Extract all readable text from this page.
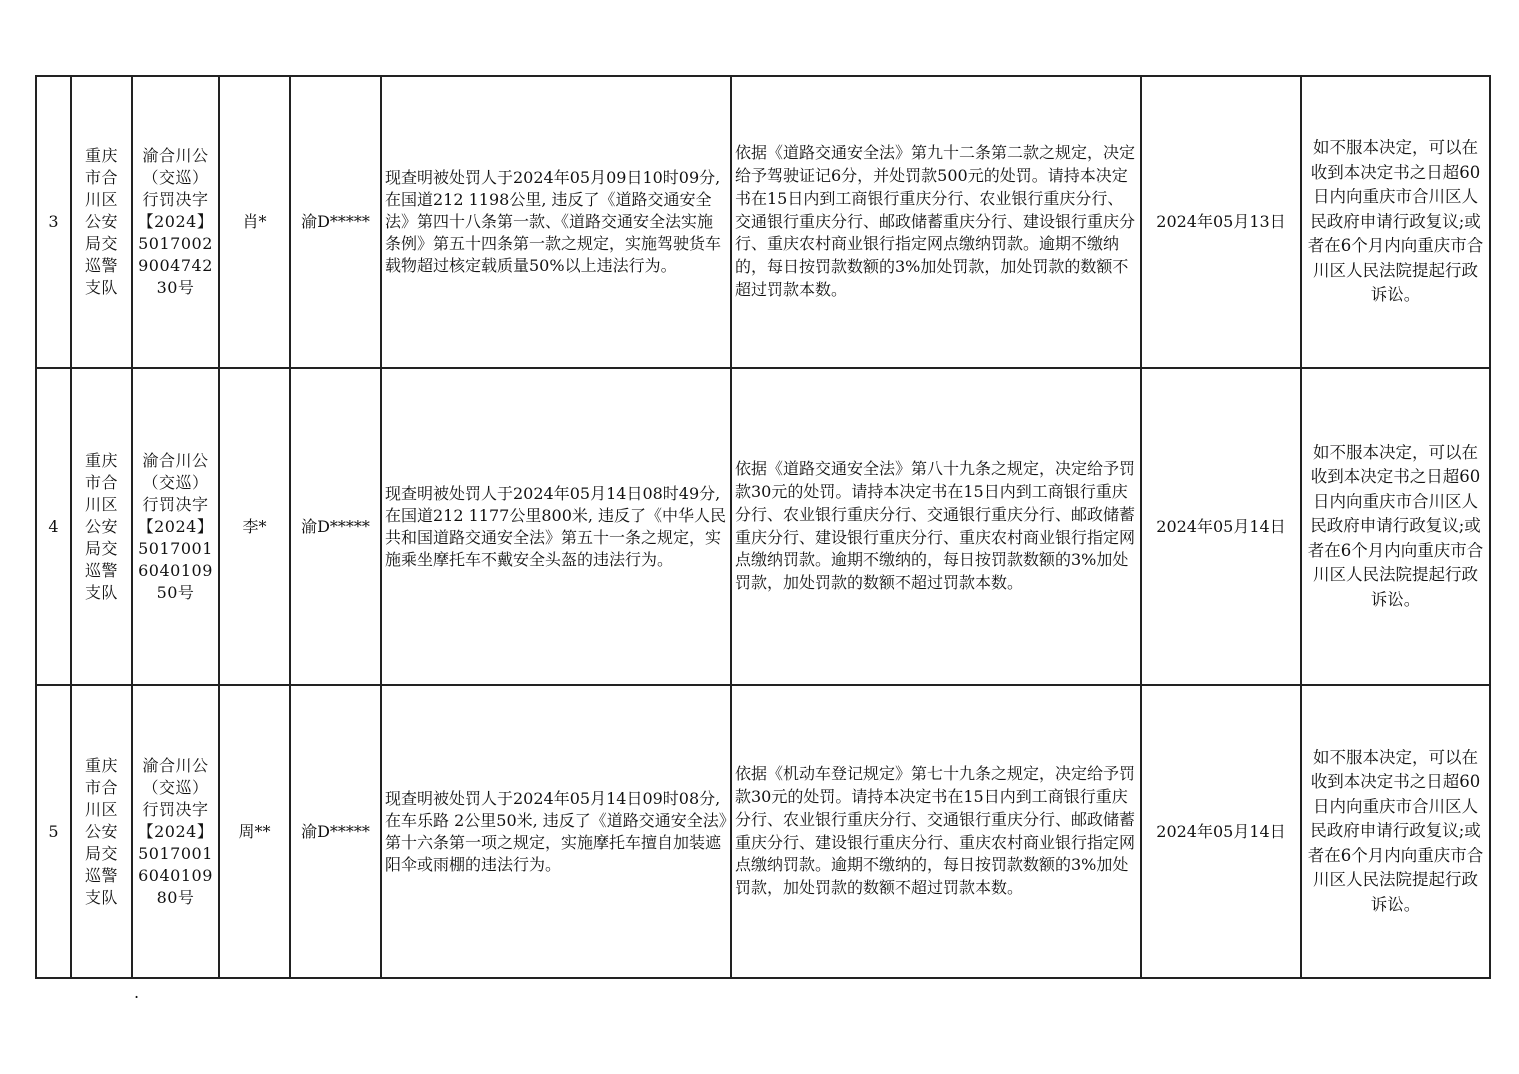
3	重庆市合川区公安局交巡警支队	渝合川公（交巡）行罚决字【2024】5017002900474230号	肖*	渝D*****	现查明被处罚人于2024年05月09日10时09分, 在国道212 1198公里, 违反了《道路交通安全法》第四十八条第一款、《道路交通安全法实施条例》第五十四条第一款之规定，实施驾驶货车载物超过核定载质量50%以上违法行为。	依据《道路交通安全法》第九十二条第二款之规定，决定给予驾驶证记6分，并处罚款500元的处罚。请持本决定书在15日内到工商银行重庆分行、农业银行重庆分行、交通银行重庆分行、邮政储蓄重庆分行、建设银行重庆分行、重庆农村商业银行指定网点缴纳罚款。逾期不缴纳的，每日按罚款数额的3%加处罚款，加处罚款的数额不超过罚款本数。	2024年05月13日	如不服本决定，可以在收到本决定书之日超60日内向重庆市合川区人民政府申请行政复议;或者在6个月内向重庆市合川区人民法院提起行政诉讼。

4	重庆市合川区公安局交巡警支队	渝合川公（交巡）行罚决字【2024】5017001604010950号	李*	渝D*****	现查明被处罚人于2024年05月14日08时49分, 在国道212 1177公里800米, 违反了《中华人民共和国道路交通安全法》第五十一条之规定，实施乘坐摩托车不戴安全头盔的违法行为。	依据《道路交通安全法》第八十九条之规定，决定给予罚款30元的处罚。请持本决定书在15日内到工商银行重庆分行、农业银行重庆分行、交通银行重庆分行、邮政储蓄重庆分行、建设银行重庆分行、重庆农村商业银行指定网点缴纳罚款。逾期不缴纳的，每日按罚款数额的3%加处罚款，加处罚款的数额不超过罚款本数。	2024年05月14日	如不服本决定，可以在收到本决定书之日超60日内向重庆市合川区人民政府申请行政复议;或者在6个月内向重庆市合川区人民法院提起行政诉讼。

5	重庆市合川区公安局交巡警支队	渝合川公（交巡）行罚决字【2024】5017001604010980号	周**	渝D*****	现查明被处罚人于2024年05月14日09时08分, 在车乐路 2公里50米, 违反了《道路交通安全法》第十六条第一项之规定，实施摩托车擅自加装遮阳伞或雨棚的违法行为。	依据《机动车登记规定》第七十九条之规定，决定给予罚款30元的处罚。请持本决定书在15日内到工商银行重庆分行、农业银行重庆分行、交通银行重庆分行、邮政储蓄重庆分行、建设银行重庆分行、重庆农村商业银行指定网点缴纳罚款。逾期不缴纳的，每日按罚款数额的3%加处罚款，加处罚款的数额不超过罚款本数。	2024年05月14日	如不服本决定，可以在收到本决定书之日超60日内向重庆市合川区人民政府申请行政复议;或者在6个月内向重庆市合川区人民法院提起行政诉讼。
.
